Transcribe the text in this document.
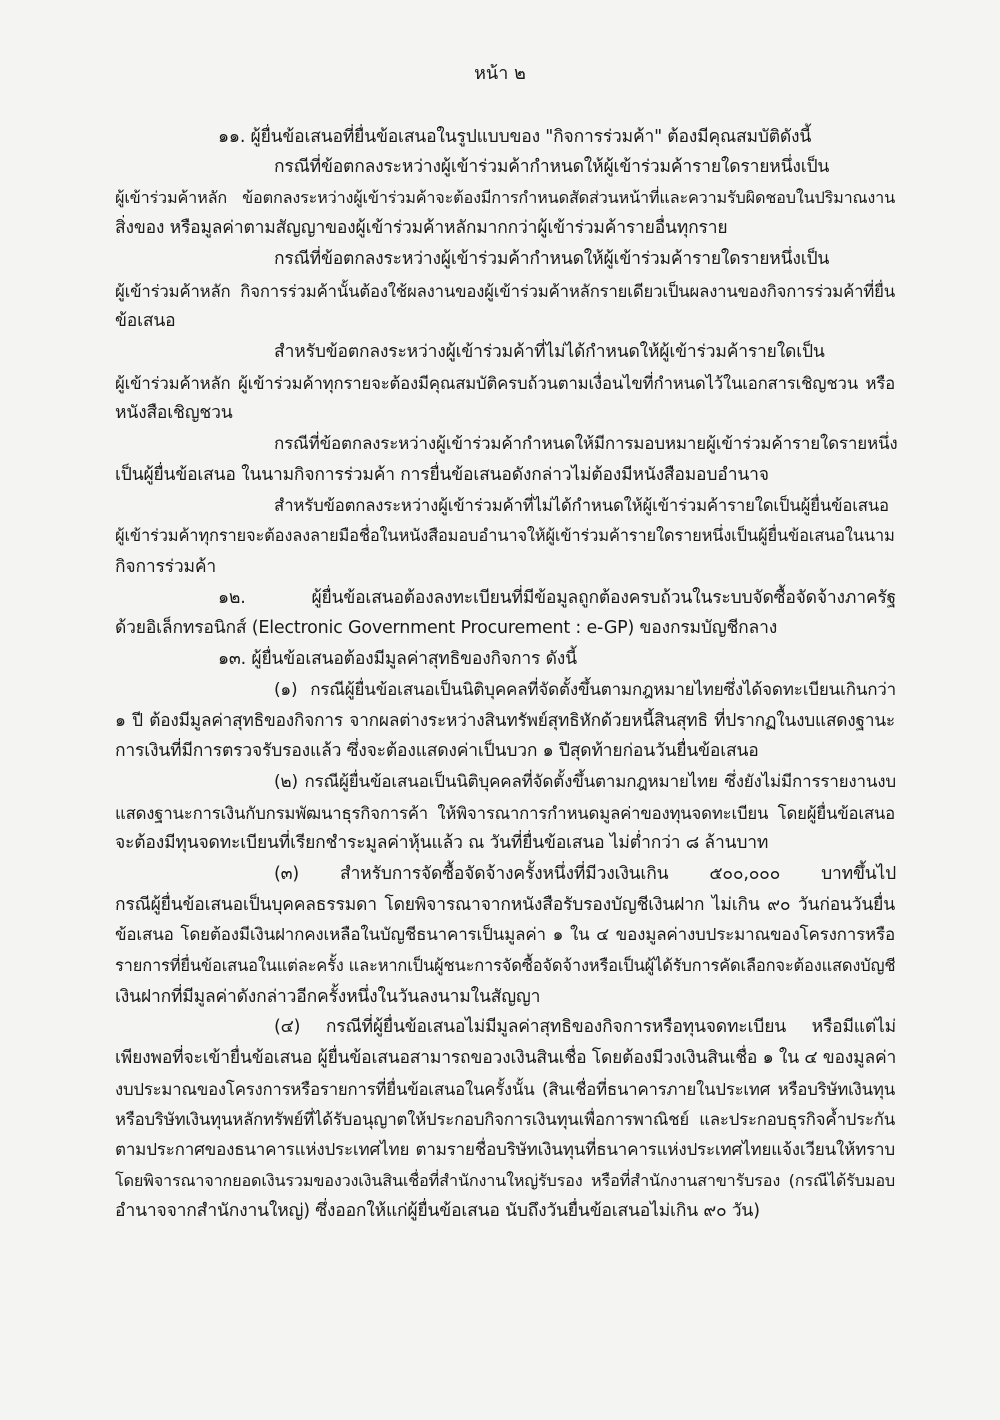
หน้า ๒
๑๑. ผู้ยื่นข้อเสนอที่ยื่นข้อเสนอในรูปแบบของ "กิจการร่วมค้า" ต้องมีคุณสมบัติดังนี้
กรณีที่ข้อตกลงระหว่างผู้เข้าร่วมค้ากำหนดให้ผู้เข้าร่วมค้ารายใดรายหนึ่งเป็น
ผู้เข้าร่วมค้าหลัก ข้อตกลงระหว่างผู้เข้าร่วมค้าจะต้องมีการกำหนดสัดส่วนหน้าที่และความรับผิดชอบในปริมาณงาน
สิ่งของ หรือมูลค่าตามสัญญาของผู้เข้าร่วมค้าหลักมากกว่าผู้เข้าร่วมค้ารายอื่นทุกราย
กรณีที่ข้อตกลงระหว่างผู้เข้าร่วมค้ากำหนดให้ผู้เข้าร่วมค้ารายใดรายหนึ่งเป็น
ผู้เข้าร่วมค้าหลัก กิจการร่วมค้านั้นต้องใช้ผลงานของผู้เข้าร่วมค้าหลักรายเดียวเป็นผลงานของกิจการร่วมค้าที่ยื่น
ข้อเสนอ
สำหรับข้อตกลงระหว่างผู้เข้าร่วมค้าที่ไม่ได้กำหนดให้ผู้เข้าร่วมค้ารายใดเป็น
ผู้เข้าร่วมค้าหลัก ผู้เข้าร่วมค้าทุกรายจะต้องมีคุณสมบัติครบถ้วนตามเงื่อนไขที่กำหนดไว้ในเอกสารเชิญชวน หรือ
หนังสือเชิญชวน
กรณีที่ข้อตกลงระหว่างผู้เข้าร่วมค้ากำหนดให้มีการมอบหมายผู้เข้าร่วมค้ารายใดรายหนึ่ง
เป็นผู้ยื่นข้อเสนอ ในนามกิจการร่วมค้า การยื่นข้อเสนอดังกล่าวไม่ต้องมีหนังสือมอบอำนาจ
สำหรับข้อตกลงระหว่างผู้เข้าร่วมค้าที่ไม่ได้กำหนดให้ผู้เข้าร่วมค้ารายใดเป็นผู้ยื่นข้อเสนอ
ผู้เข้าร่วมค้าทุกรายจะต้องลงลายมือชื่อในหนังสือมอบอำนาจให้ผู้เข้าร่วมค้ารายใดรายหนึ่งเป็นผู้ยื่นข้อเสนอในนาม
กิจการร่วมค้า
๑๒. ผู้ยื่นข้อเสนอต้องลงทะเบียนที่มีข้อมูลถูกต้องครบถ้วนในระบบจัดซื้อจัดจ้างภาครัฐ
ด้วยอิเล็กทรอนิกส์ (Electronic Government Procurement : e-GP) ของกรมบัญชีกลาง
๑๓. ผู้ยื่นข้อเสนอต้องมีมูลค่าสุทธิของกิจการ ดังนี้
(๑) กรณีผู้ยื่นข้อเสนอเป็นนิติบุคคลที่จัดตั้งขึ้นตามกฎหมายไทยซึ่งได้จดทะเบียนเกินกว่า
๑ ปี ต้องมีมูลค่าสุทธิของกิจการ จากผลต่างระหว่างสินทรัพย์สุทธิหักด้วยหนี้สินสุทธิ ที่ปรากฏในงบแสดงฐานะ
การเงินที่มีการตรวจรับรองแล้ว ซึ่งจะต้องแสดงค่าเป็นบวก ๑ ปีสุดท้ายก่อนวันยื่นข้อเสนอ
(๒) กรณีผู้ยื่นข้อเสนอเป็นนิติบุคคลที่จัดตั้งขึ้นตามกฎหมายไทย ซึ่งยังไม่มีการรายงานงบ
แสดงฐานะการเงินกับกรมพัฒนาธุรกิจการค้า ให้พิจารณาการกำหนดมูลค่าของทุนจดทะเบียน โดยผู้ยื่นข้อเสนอ
จะต้องมีทุนจดทะเบียนที่เรียกชำระมูลค่าหุ้นแล้ว ณ วันที่ยื่นข้อเสนอ ไม่ต่ำกว่า ๘ ล้านบาท
(๓) สำหรับการจัดซื้อจัดจ้างครั้งหนึ่งที่มีวงเงินเกิน ๕๐๐,๐๐๐ บาทขึ้นไป
กรณีผู้ยื่นข้อเสนอเป็นบุคคลธรรมดา โดยพิจารณาจากหนังสือรับรองบัญชีเงินฝาก ไม่เกิน ๙๐ วันก่อนวันยื่น
ข้อเสนอ โดยต้องมีเงินฝากคงเหลือในบัญชีธนาคารเป็นมูลค่า ๑ ใน ๔ ของมูลค่างบประมาณของโครงการหรือ
รายการที่ยื่นข้อเสนอในแต่ละครั้ง และหากเป็นผู้ชนะการจัดซื้อจัดจ้างหรือเป็นผู้ได้รับการคัดเลือกจะต้องแสดงบัญชี
เงินฝากที่มีมูลค่าดังกล่าวอีกครั้งหนึ่งในวันลงนามในสัญญา
(๔) กรณีที่ผู้ยื่นข้อเสนอไม่มีมูลค่าสุทธิของกิจการหรือทุนจดทะเบียน หรือมีแต่ไม่
เพียงพอที่จะเข้ายื่นข้อเสนอ ผู้ยื่นข้อเสนอสามารถขอวงเงินสินเชื่อ โดยต้องมีวงเงินสินเชื่อ ๑ ใน ๔ ของมูลค่า
งบประมาณของโครงการหรือรายการที่ยื่นข้อเสนอในครั้งนั้น (สินเชื่อที่ธนาคารภายในประเทศ หรือบริษัทเงินทุน
หรือบริษัทเงินทุนหลักทรัพย์ที่ได้รับอนุญาตให้ประกอบกิจการเงินทุนเพื่อการพาณิชย์ และประกอบธุรกิจค้ำประกัน
ตามประกาศของธนาคารแห่งประเทศไทย ตามรายชื่อบริษัทเงินทุนที่ธนาคารแห่งประเทศไทยแจ้งเวียนให้ทราบ
โดยพิจารณาจากยอดเงินรวมของวงเงินสินเชื่อที่สำนักงานใหญ่รับรอง หรือที่สำนักงานสาขารับรอง (กรณีได้รับมอบ
อำนาจจากสำนักงานใหญ่) ซึ่งออกให้แก่ผู้ยื่นข้อเสนอ นับถึงวันยื่นข้อเสนอไม่เกิน ๙๐ วัน)
